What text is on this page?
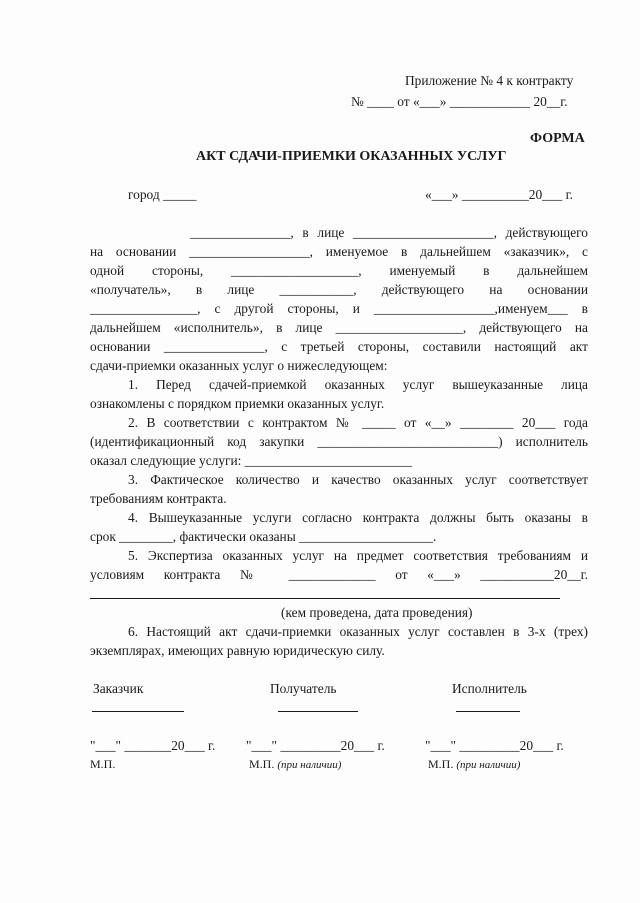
Приложение № 4 к контракту
№ ____ от «___» ____________ 20__г.
ФОРМА
АКТ СДАЧИ-ПРИЕМКИ ОКАЗАННЫХ УСЛУГ
город _____	«___» __________20___ г.
_______________, в лице _____________________, действующего
на основании __________________, именуемое в дальнейшем «заказчик», с
одной стороны, ___________________, именуемый в дальнейшем
«получатель», в лице ___________, действующего на основании
________________, с другой стороны, и __________________,именуем___ в
дальнейшем «исполнитель», в лице ___________________, действующего на
основании _______________, с третьей стороны, составили настоящий акт
сдачи-приемки оказанных услуг о нижеследующем:
1. Перед сдачей-приемкой оказанных услуг вышеуказанные лица
ознакомлены с порядком приемки оказанных услуг.
2. В соответствии с контрактом № _____ от «__» ________ 20___ года
(идентификационный код закупки ___________________________) исполнитель
оказал следующие услуги: _________________________
3. Фактическое количество и качество оказанных услуг соответствует
требованиям контракта.
4. Вышеуказанные услуги согласно контракта должны быть оказаны в
срок ________, фактически оказаны ____________________.
5. Экспертиза оказанных услуг на предмет соответствия требованиям и
условиям контракта № _____________ от «___» ___________20__г.
(кем проведена, дата проведения)
6. Настоящий акт сдачи-приемки оказанных услуг составлен в 3-х (трех)
экземплярах, имеющих равную юридическую силу.
Заказчик	Получатель	Исполнитель
"___" _______20___ г. "___" _________20___ г.	"___" _________20___ г.
М.П.	М.П. (при наличии)	М.П. (при наличии)
